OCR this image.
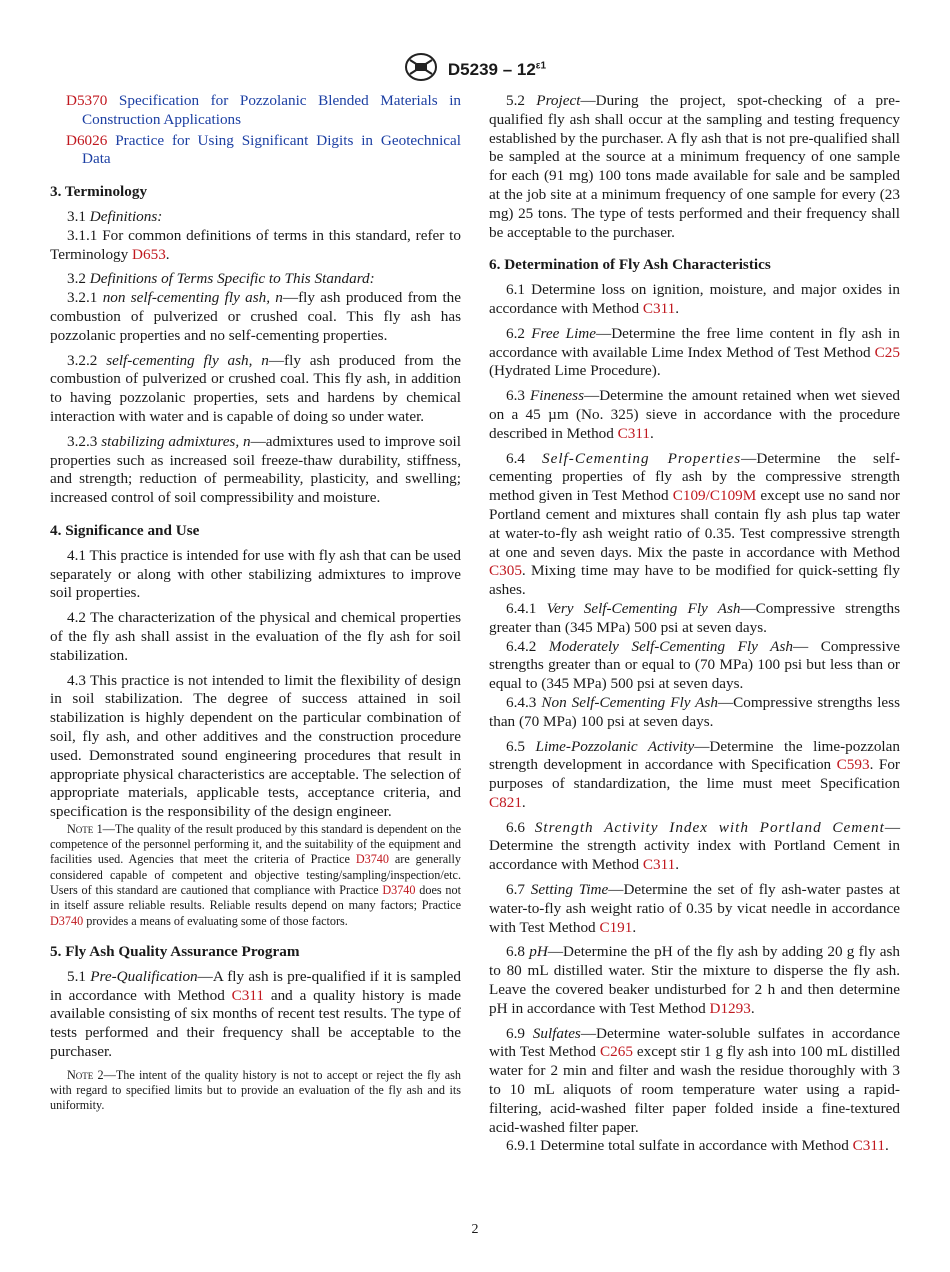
$D5239 - 12^{\varepsilon 1}$
D5370 Specification for Pozzolanic Blended Materials in Construction Applications
D6026 Practice for Using Significant Digits in Geotechnical Data
3. Terminology

3.1 Definitions:

3.1.1 For common definitions of terms in this standard, refer to Terminology D653.

3.2 Definitions of Terms Specific to This Standard:

3.2.1 non self-cementing fly ash, n—fly ash produced from the combustion of pulverized or crushed coal. This fly ash has pozzolanic properties and no self-cementing properties.

3.2.2 self-cementing fly ash, n—fly ash produced from the combustion of pulverized or crushed coal. This fly ash, in addition to having pozzolanic properties, sets and hardens by chemical interaction with water and is capable of doing so under water.

3.2.3 stabilizing admixtures, n—admixtures used to improve soil properties such as increased soil freeze-thaw durability, stiffness, and strength; reduction of permeability, plasticity, and swelling; increased control of soil compressibility and moisture.

4. Significance and Use

4.1 This practice is intended for use with fly ash that can be used separately or along with other stabilizing admixtures to improve soil properties.

4.2 The characterization of the physical and chemical properties of the fly ash shall assist in the evaluation of the fly ash for soil stabilization.

4.3 This practice is not intended to limit the flexibility of design in soil stabilization. The degree of success attained in soil stabilization is highly dependent on the particular combination of soil, fly ash, and other additives and the construction procedure used. Demonstrated sound engineering procedures that result in appropriate physical characteristics are acceptable. The selection of appropriate materials, applicable tests, acceptance criteria, and specification is the responsibility of the design engineer.

Note 1—The quality of the result produced by this standard is dependent on the competence of the personnel performing it, and the suitability of the equipment and facilities used. Agencies that meet the criteria of Practice D3740 are generally considered capable of competent and objective testing/sampling/inspection/etc. Users of this standard are cautioned that compliance with Practice D3740 does not in itself assure reliable results. Reliable results depend on many factors; Practice D3740 provides a means of evaluating some of those factors.
5. Fly Ash Quality Assurance Program

5.1 Pre-Qualification—A fly ash is pre-qualified if it is sampled in accordance with Method C311 and a quality history is made available consisting of six months of recent test results. The type of tests performed and their frequency shall be acceptable to the purchaser.

Note 2—The intent of the quality history is not to accept or reject the fly ash with regard to specified limits but to provide an evaluation of the fly ash and its uniformity.

5.2 Project—During the project, spot-checking of a pre-qualified fly ash shall occur at the sampling and testing frequency established by the purchaser. A fly ash that is not pre-qualified shall be sampled at the source at a minimum frequency of one sample for each (91 mg) 100 tons made available for sale and be sampled at the job site at a minimum frequency of one sample for every (23 mg) 25 tons. The type of tests performed and their frequency shall be acceptable to the purchaser.

6. Determination of Fly Ash Characteristics

6.1 Determine loss on ignition, moisture, and major oxides in accordance with Method C311.

6.2 Free Lime—Determine the free lime content in fly ash in accordance with available Lime Index Method of Test Method C25 (Hydrated Lime Procedure).

6.3 Fineness—Determine the amount retained when wet sieved on a 45 µm (No. 325) sieve in accordance with the procedure described in Method C311.

6.4 Self-Cementing Properties—Determine the self-cementing properties of fly ash by the compressive strength method given in Test Method C109/C109M except use no sand nor Portland cement and mixtures shall contain fly ash plus tap water at water-to-fly ash weight ratio of 0.35. Test compressive strength at one and seven days. Mix the paste in accordance with Method C305. Mixing time may have to be modified for quick-setting fly ashes.

6.4.1 Very Self-Cementing Fly Ash—Compressive strengths greater than (345 MPa) 500 psi at seven days.

6.4.2 Moderately Self-Cementing Fly Ash— Compressive strengths greater than or equal to (70 MPa) 100 psi but less than or equal to (345 MPa) 500 psi at seven days.

6.4.3 Non Self-Cementing Fly Ash—Compressive strengths less than (70 MPa) 100 psi at seven days.

6.5 Lime-Pozzolanic Activity—Determine the lime-pozzolan strength development in accordance with Specification C593. For purposes of standardization, the lime must meet Specification C821.

6.6 Strength Activity Index with Portland Cement—Determine the strength activity index with Portland Cement in accordance with Method C311.

6.7 Setting Time—Determine the set of fly ash-water pastes at water-to-fly ash weight ratio of 0.35 by vicat needle in accordance with Test Method C191.

6.8 pH—Determine the pH of the fly ash by adding 20 g fly ash to 80 mL distilled water. Stir the mixture to disperse the fly ash. Leave the covered beaker undisturbed for 2 h and then determine pH in accordance with Test Method D1293.

6.9 Sulfates—Determine water-soluble sulfates in accordance with Test Method C265 except stir 1 g fly ash into 100 mL distilled water for 2 min and filter and wash the residue thoroughly with 3 to 10 mL aliquots of room temperature water using a rapid-filtering, acid-washed filter paper folded inside a fine-textured acid-washed filter paper.

6.9.1 Determine total sulfate in accordance with Method C311.

2
